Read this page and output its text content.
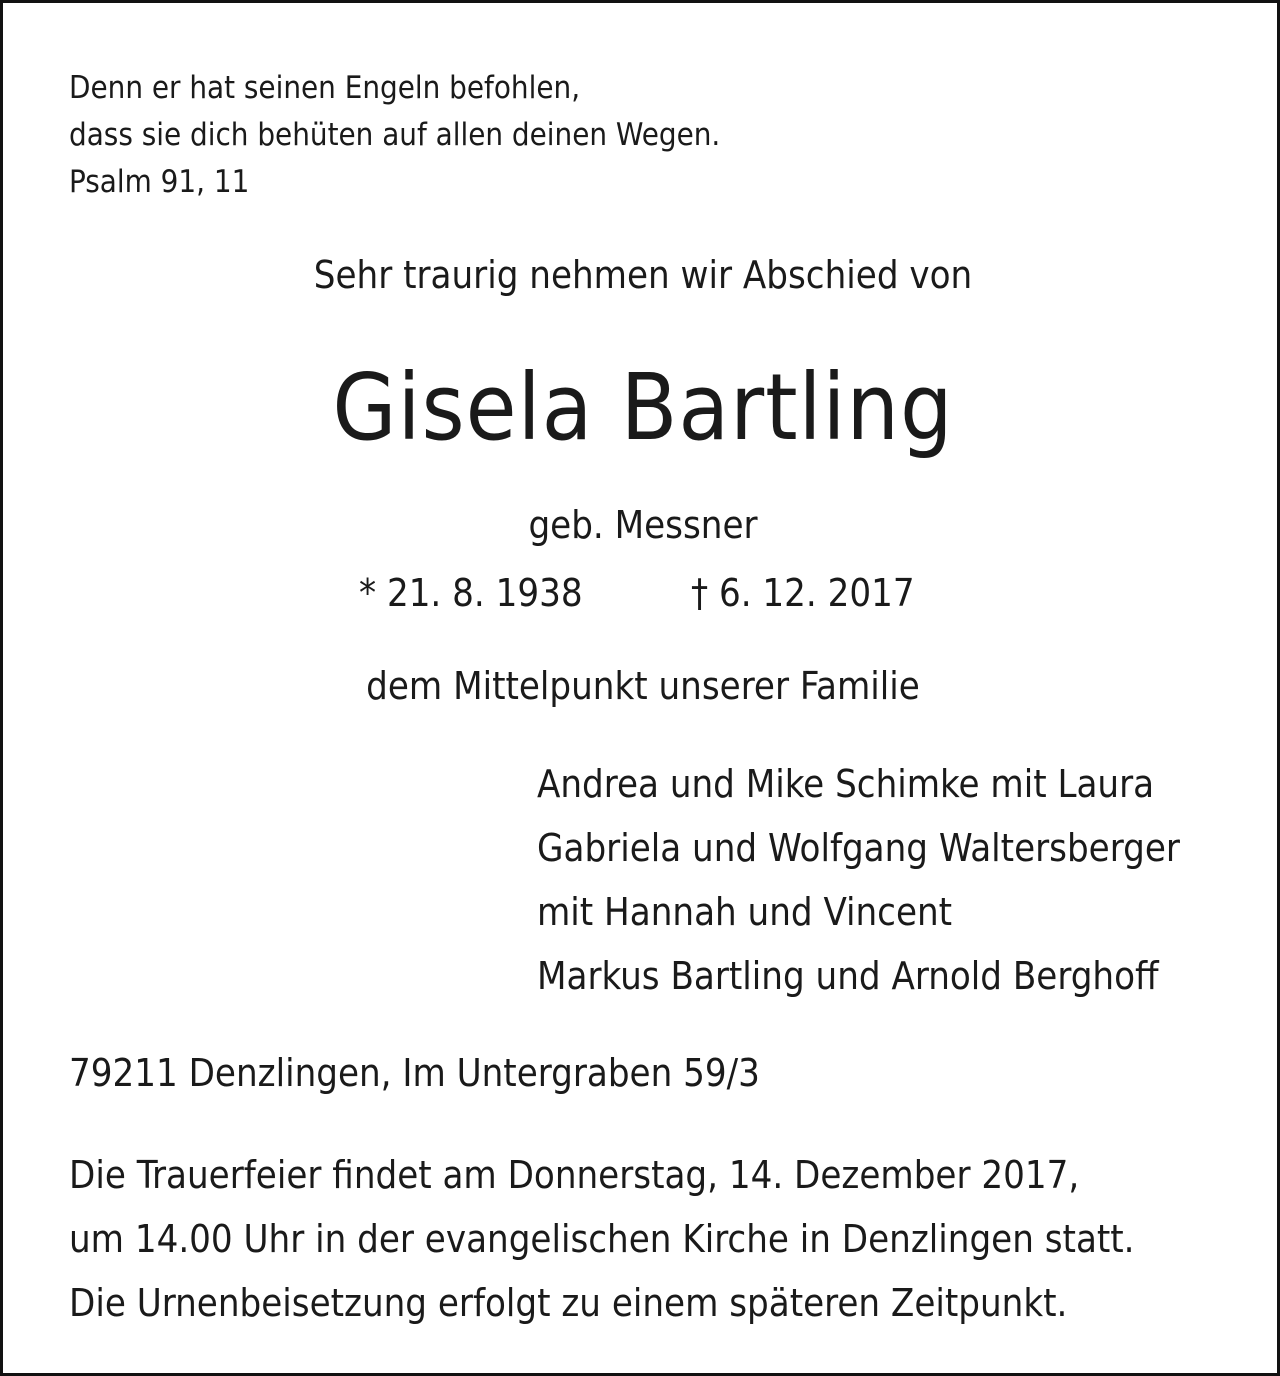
Denn er hat seinen Engeln befohlen,
dass sie dich behüten auf allen deinen Wegen.
Psalm 91, 11
Sehr traurig nehmen wir Abschied von
Gisela Bartling
geb. Messner
* 21. 8. 1938	† 6. 12. 2017
dem Mittelpunkt unserer Familie
Andrea und Mike Schimke mit Laura
Gabriela und Wolfgang Waltersberger
mit Hannah und Vincent
Markus Bartling und Arnold Berghoff
79211 Denzlingen, Im Untergraben 59/3
Die Trauerfeier findet am Donnerstag, 14. Dezember 2017,
um 14.00 Uhr in der evangelischen Kirche in Denzlingen statt.
Die Urnenbeisetzung erfolgt zu einem späteren Zeitpunkt.
